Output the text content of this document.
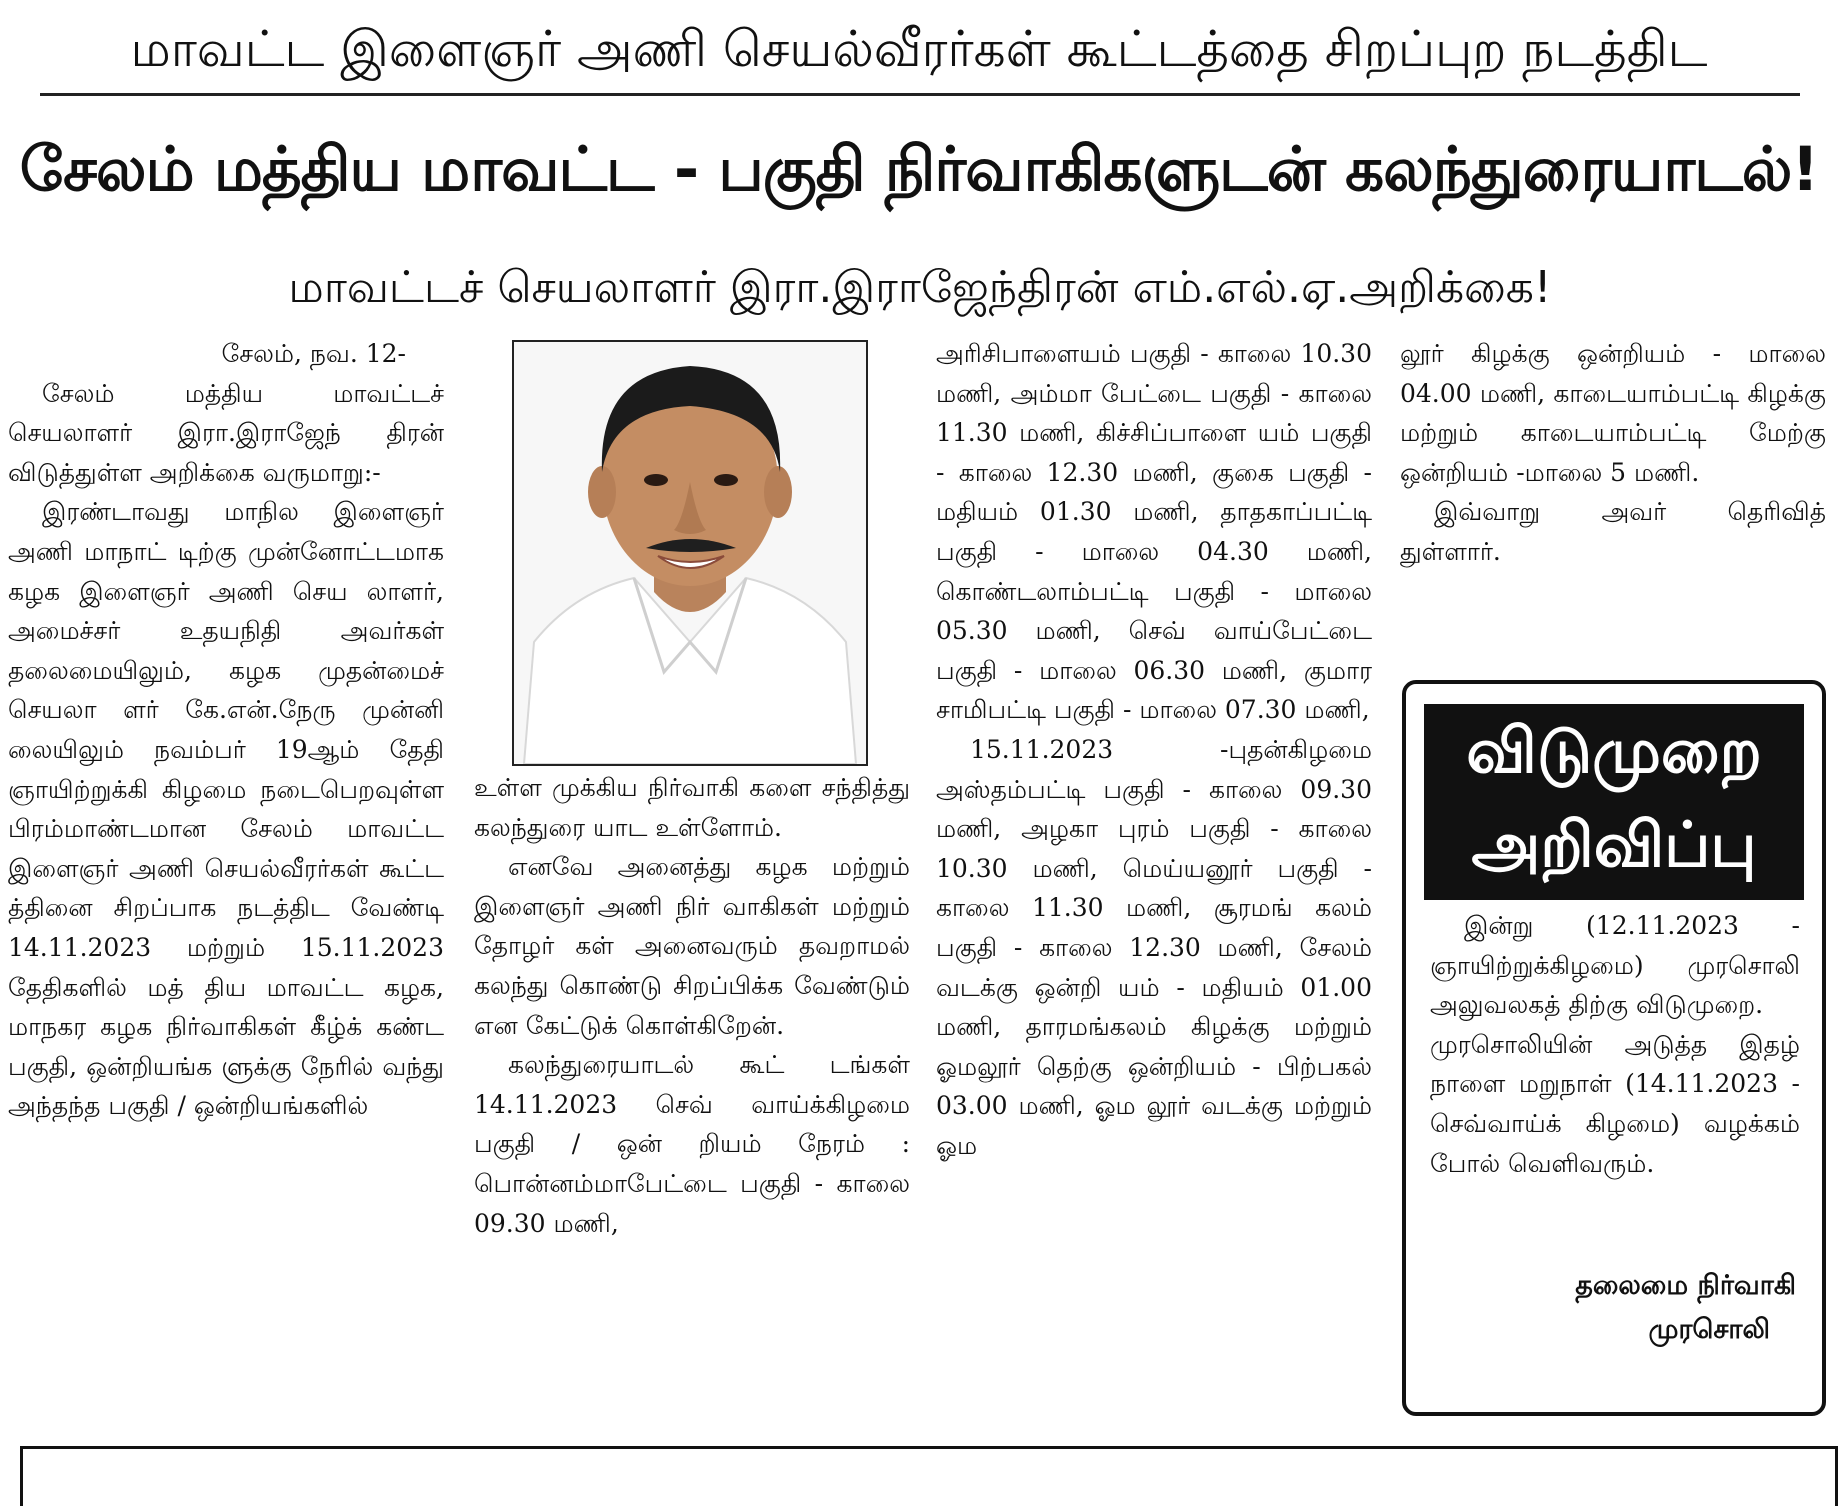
மாவட்ட இளைஞர் அணி செயல்வீரர்கள் கூட்டத்தை சிறப்புற நடத்திட
சேலம் மத்திய மாவட்ட - பகுதி நிர்வாகிகளுடன் கலந்துரையாடல்!
மாவட்டச் செயலாளர் இரா.இராஜேந்திரன் எம்.எல்.ஏ.அறிக்கை!

சேலம், நவ. 12-

சேலம் மத்திய மாவட்டச் செயலாளர் இரா.இராஜேந் திரன் விடுத்துள்ள அறிக்கை வருமாறு:-

இரண்டாவது மாநில இளைஞர் அணி மாநாட் டிற்கு முன்னோட்டமாக கழக இளைஞர் அணி செய லாளர், அமைச்சர் உதயநிதி அவர்கள் தலைமையிலும், கழக முதன்மைச் செயலா ளர் கே.என்.நேரு முன்னி லையிலும் நவம்பர் 19ஆம் தேதி ஞாயிற்றுக்கி கிழமை நடைபெறவுள்ள பிரம்மாண்டமான சேலம் மாவட்ட இளைஞர் அணி செயல்வீரர்கள் கூட்ட த்தினை சிறப்பாக நடத்திட வேண்டி 14.11.2023 மற்றும் 15.11.2023 தேதிகளில் மத் திய மாவட்ட கழக, மாநகர கழக நிர்வாகிகள் கீழ்க் கண்ட பகுதி, ஒன்றியங்க ளுக்கு நேரில் வந்து அந்தந்த பகுதி / ஒன்றியங்களில்

உள்ள முக்கிய நிர்வாகி களை சந்தித்து கலந்துரை யாட உள்ளோம்.

எனவே அனைத்து கழக மற்றும் இளைஞர் அணி நிர் வாகிகள் மற்றும் தோழர் கள் அனைவரும் தவறாமல் கலந்து கொண்டு சிறப்பிக்க வேண்டும் என கேட்டுக் கொள்கிறேன்.

கலந்துரையாடல் கூட் டங்கள் 14.11.2023 செவ் வாய்க்கிழமை பகுதி / ஒன் றியம் நேரம் : பொன்னம்மாபேட்டை பகுதி - காலை 09.30 மணி,

அரிசிபாளையம் பகுதி - காலை 10.30 மணி, அம்மா பேட்டை பகுதி - காலை 11.30 மணி, கிச்சிப்பாளை யம் பகுதி - காலை 12.30 மணி, குகை பகுதி - மதியம் 01.30 மணி, தாதகாப்பட்டி பகுதி - மாலை 04.30 மணி, கொண்டலாம்பட்டி பகுதி - மாலை 05.30 மணி, செவ் வாய்பேட்டை பகுதி - மாலை 06.30 மணி, குமார சாமிபட்டி பகுதி - மாலை 07.30 மணி,

15.11.2023 -புதன்கிழமை அஸ்தம்பட்டி பகுதி - காலை 09.30 மணி, அழகா புரம் பகுதி - காலை 10.30 மணி, மெய்யனூர் பகுதி - காலை 11.30 மணி, சூரமங் கலம் பகுதி - காலை 12.30 மணி, சேலம் வடக்கு ஒன்றி யம் - மதியம் 01.00 மணி, தாரமங்கலம் கிழக்கு மற்றும் ஓமலூர் தெற்கு ஒன்றியம் - பிற்பகல் 03.00 மணி, ஓம லூர் வடக்கு மற்றும் ஓம

லூர் கிழக்கு ஒன்றியம் - மாலை 04.00 மணி, காடையாம்பட்டி கிழக்கு மற்றும் காடையாம்பட்டி மேற்கு ஒன்றியம் -மாலை 5 மணி.

இவ்வாறு அவர் தெரிவித் துள்ளார்.

விடுமுறை
அறிவிப்பு

இன்று (12.11.2023 - ஞாயிற்றுக்கிழமை) முரசொலி அலுவலகத் திற்கு விடுமுறை.

முரசொலியின் அடுத்த இதழ் நாளை மறுநாள் (14.11.2023 - செவ்வாய்க் கிழமை) வழக்கம் போல் வெளிவரும்.

தலைமை நிர்வாகி
முரசொலி
